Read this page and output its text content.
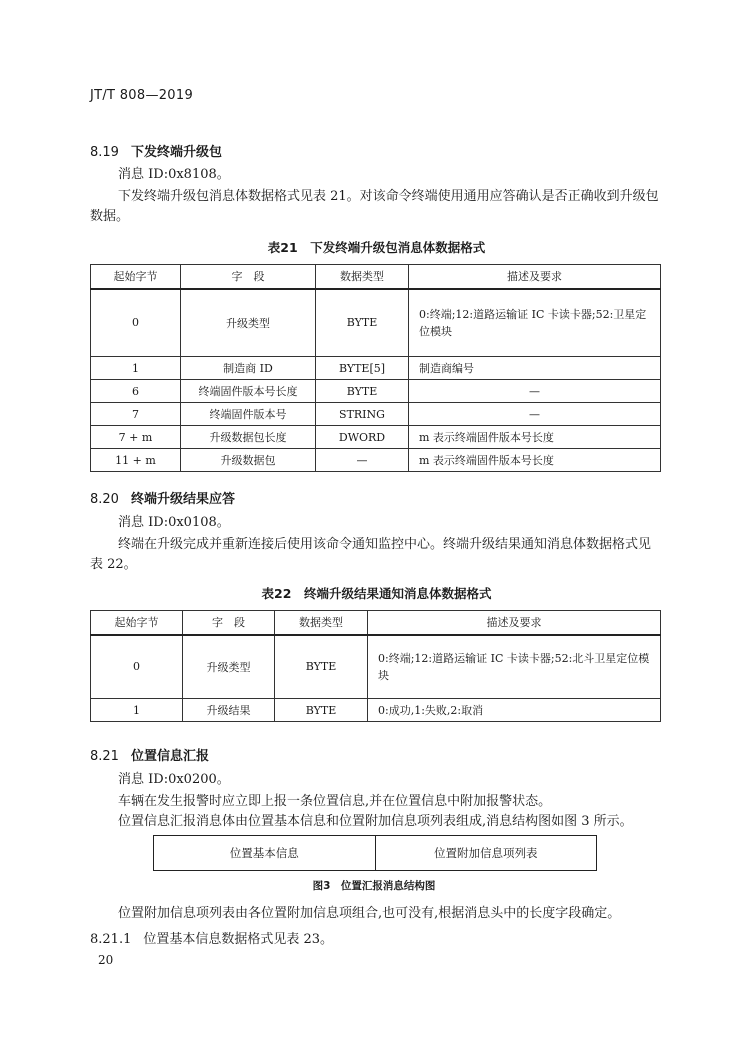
JT/T 808—2019
8.19 下发终端升级包
消息 ID:0x8108。
下发终端升级包消息体数据格式见表 21。对该命令终端使用通用应答确认是否正确收到升级包数据。
表21　下发终端升级包消息体数据格式
起始字节	字　段	数据类型	描述及要求
0	升级类型	BYTE	0:终端;12:道路运输证 IC 卡读卡器;52:卫星定位模块
1	制造商 ID	BYTE[5]	制造商编号
6	终端固件版本号长度	BYTE	—
7	终端固件版本号	STRING	—
7 + m	升级数据包长度	DWORD	m 表示终端固件版本号长度
11 + m	升级数据包	—	m 表示终端固件版本号长度
8.20 终端升级结果应答
消息 ID:0x0108。
终端在升级完成并重新连接后使用该命令通知监控中心。终端升级结果通知消息体数据格式见表 22。
表22　终端升级结果通知消息体数据格式
起始字节	字　段	数据类型	描述及要求
0	升级类型	BYTE	0:终端;12:道路运输证 IC 卡读卡器;52:北斗卫星定位模块
1	升级结果	BYTE	0:成功,1:失败,2:取消
8.21 位置信息汇报
消息 ID:0x0200。
车辆在发生报警时应立即上报一条位置信息,并在位置信息中附加报警状态。
位置信息汇报消息体由位置基本信息和位置附加信息项列表组成,消息结构图如图 3 所示。
位置基本信息	位置附加信息项列表
图3　位置汇报消息结构图
位置附加信息项列表由各位置附加信息项组合,也可没有,根据消息头中的长度字段确定。
8.21.1 位置基本信息数据格式见表 23。
20
